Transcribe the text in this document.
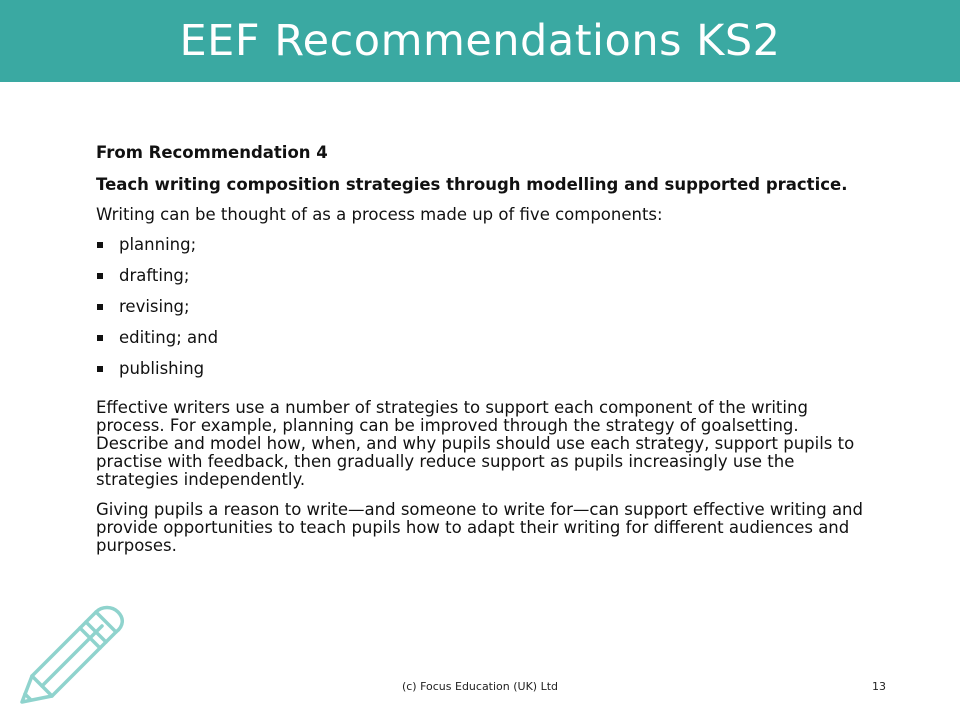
EEF Recommendations KS2

From Recommendation 4

Teach writing composition strategies through modelling and supported practice.

Writing can be thought of as a process made up of five components:

planning;
drafting;
revising;
editing; and
publishing

Effective writers use a number of strategies to support each component of the writing process. For example, planning can be improved through the strategy of goalsetting. Describe and model how, when, and why pupils should use each strategy, support pupils to practise with feedback, then gradually reduce support as pupils increasingly use the strategies independently.

Giving pupils a reason to write—and someone to write for—can support effective writing and provide opportunities to teach pupils how to adapt their writing for different audiences and purposes.

(c) Focus Education (UK) Ltd	13
